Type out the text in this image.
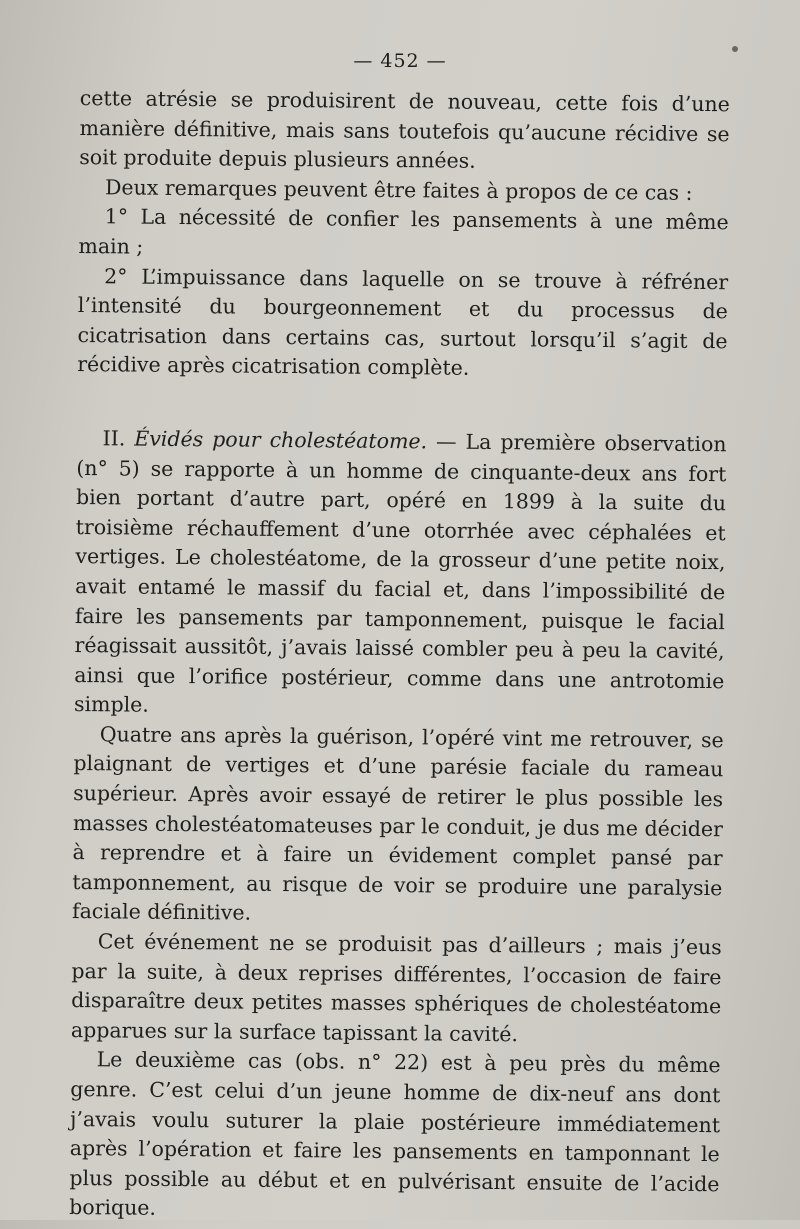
— 452 —

cette atrésie se produisirent de nouveau, cette fois d’une manière définitive, mais sans toutefois qu’aucune récidive se soit produite depuis plusieurs années.

Deux remarques peuvent être faites à propos de ce cas :

1° La nécessité de confier les pansements à une même main ;

2° L’impuissance dans laquelle on se trouve à réfréner l’intensité du bourgeonnement et du processus de cicatrisation dans certains cas, surtout lorsqu’il s’agit de récidive après cicatrisation complète.

II. Évidés pour cholestéatome. — La première observation (n° 5) se rapporte à un homme de cinquante-deux ans fort bien portant d’autre part, opéré en 1899 à la suite du troisième réchauffement d’une otorrhée avec céphalées et vertiges. Le cholestéatome, de la grosseur d’une petite noix, avait entamé le massif du facial et, dans l’impossibilité de faire les pansements par tamponnement, puisque le facial réagissait aussitôt, j’avais laissé combler peu à peu la cavité, ainsi que l’orifice postérieur, comme dans une antrotomie simple.

Quatre ans après la guérison, l’opéré vint me retrouver, se plaignant de vertiges et d’une parésie faciale du rameau supérieur. Après avoir essayé de retirer le plus possible les masses cholestéatomateuses par le conduit, je dus me décider à reprendre et à faire un évidement complet pansé par tamponnement, au risque de voir se produire une paralysie faciale définitive.

Cet événement ne se produisit pas d’ailleurs ; mais j’eus par la suite, à deux reprises différentes, l’occasion de faire disparaître deux petites masses sphériques de cholestéatome apparues sur la surface tapissant la cavité.

Le deuxième cas (obs. n° 22) est à peu près du même genre. C’est celui d’un jeune homme de dix-neuf ans dont j’avais voulu suturer la plaie postérieure immédiatement après l’opération et faire les pansements en tamponnant le plus possible au début et en pulvérisant ensuite de l’acide borique.
